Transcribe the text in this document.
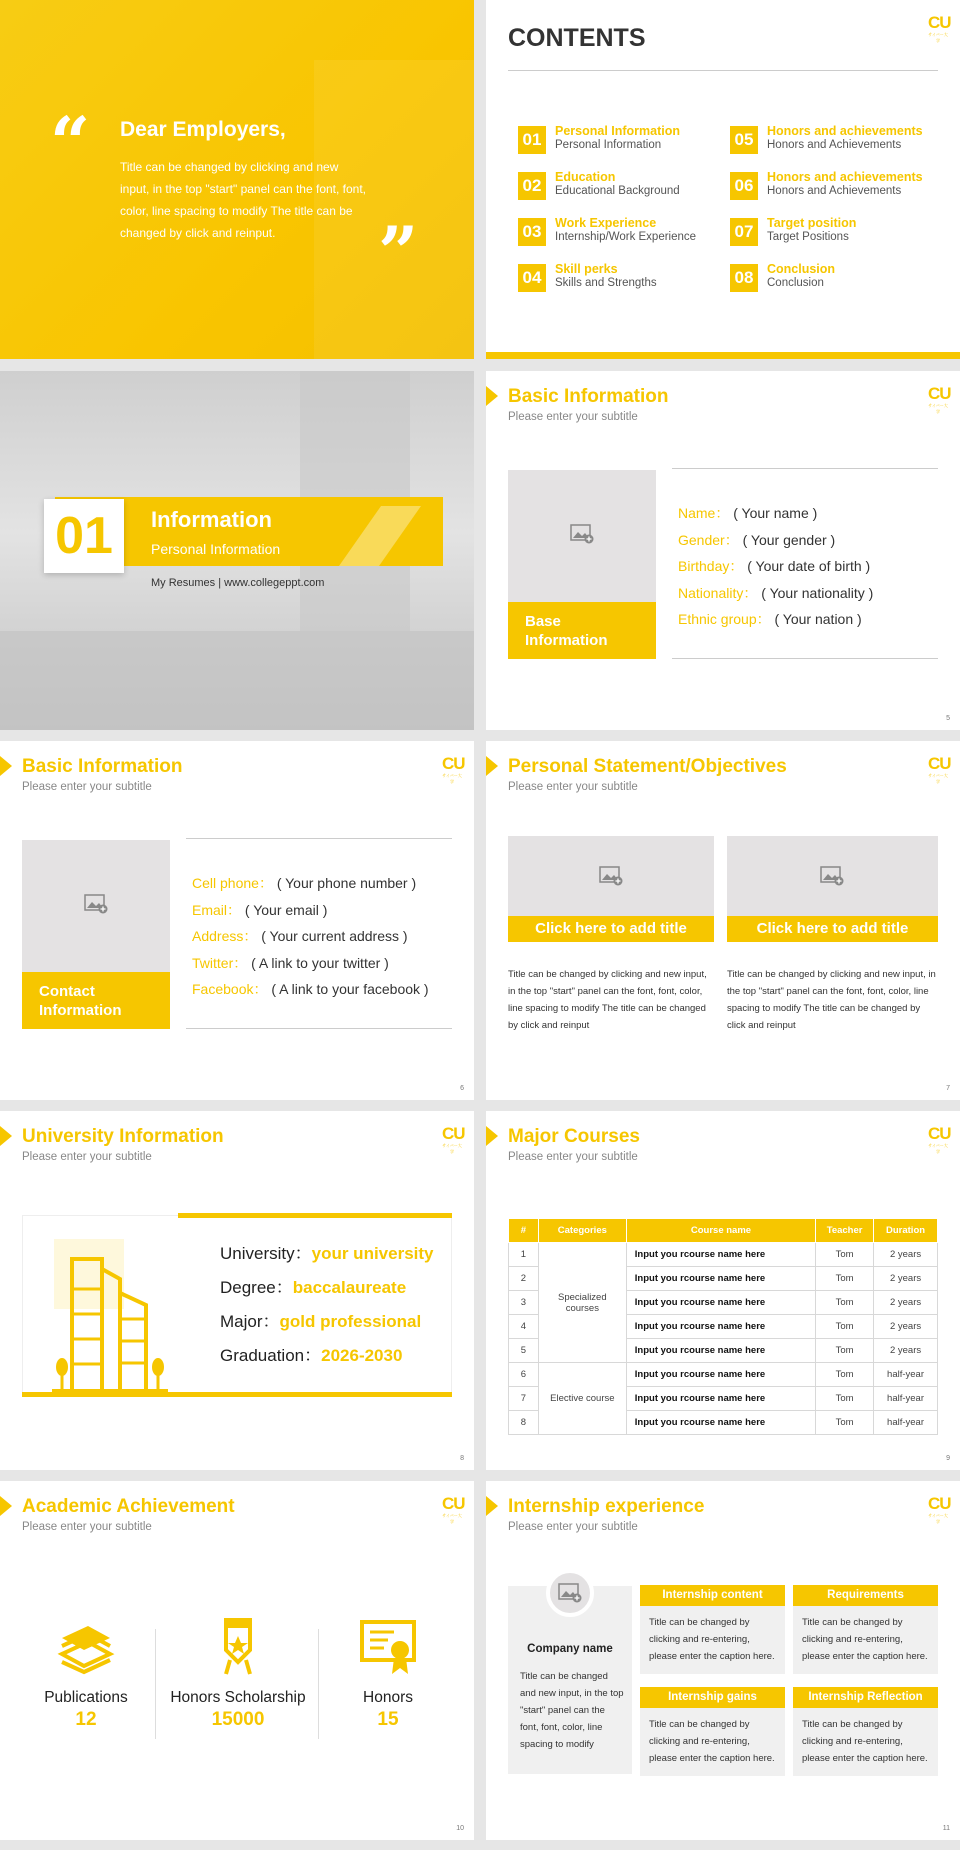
“ Dear Employers,
Title can be changed by clicking and new input, in the top "start" panel can the font, font, color, line spacing to modify The title can be changed by click and reinput.	”
CONTENTS
CU
サイバー大学
01	Personal Information
Personal Information
02	Education
Educational Background
03	Work Experience
Internship/Work Experience
04	Skill perks
Skills and Strengths
05	Honors and achievements
Honors and Achievements
06	Honors and achievements
Honors and Achievements
07	Target position
Target Positions
08	Conclusion
Conclusion
01	Information
Personal Information
My Resumes | www.collegeppt.com
Basic Information
Please enter your subtitle
CU
サイバー大学
Base Information
Name： ( Your name )
Gender： ( Your gender )
Birthday： ( Your date of birth )
Nationality： ( Your nationality )
Ethnic group： ( Your nation )
5
Basic Information
Please enter your subtitle
CU
サイバー大学
Contact Information
Cell phone： ( Your phone number )
Email： ( Your email )
Address： ( Your current address )
Twitter： ( A link to your twitter )
Facebook： ( A link to your facebook )
6
Personal Statement/Objectives
Please enter your subtitle
CU
サイバー大学
Click here to add title
Title can be changed by clicking and new input, in the top "start" panel can the font, font, color, line spacing to modify The title can be changed by click and reinput
Click here to add title
Title can be changed by clicking and new input, in the top "start" panel can the font, font, color, line spacing to modify The title can be changed by click and reinput
7
University Information
Please enter your subtitle
CU
サイバー大学
University：your university
Degree：baccalaureate
Major：gold professional
Graduation：2026-2030
8
Major Courses
Please enter your subtitle
CU
サイバー大学
#	Categories	Course name	Teacher	Duration
1	Specialized courses	Input you rcourse name here	Tom	2 years
2		Input you rcourse name here	Tom	2 years
3		Input you rcourse name here	Tom	2 years
4		Input you rcourse name here	Tom	2 years
5		Input you rcourse name here	Tom	2 years
6	Elective course	Input you rcourse name here	Tom	half-year
7		Input you rcourse name here	Tom	half-year
8		Input you rcourse name here	Tom	half-year
9
Academic Achievement
Please enter your subtitle
CU
サイバー大学
Publications
12
Honors Scholarship
15000
Honors
15
10
Internship experience
Please enter your subtitle
CU
サイバー大学
Company name
Title can be changed and new input, in the top "start" panel can the font, font, color, line spacing to modify
Internship content
Title can be changed by clicking and re-entering, please enter the caption here.
Requirements
Title can be changed by clicking and re-entering, please enter the caption here.
Internship gains
Title can be changed by clicking and re-entering, please enter the caption here.
Internship Reflection
Title can be changed by clicking and re-entering, please enter the caption here.
11
